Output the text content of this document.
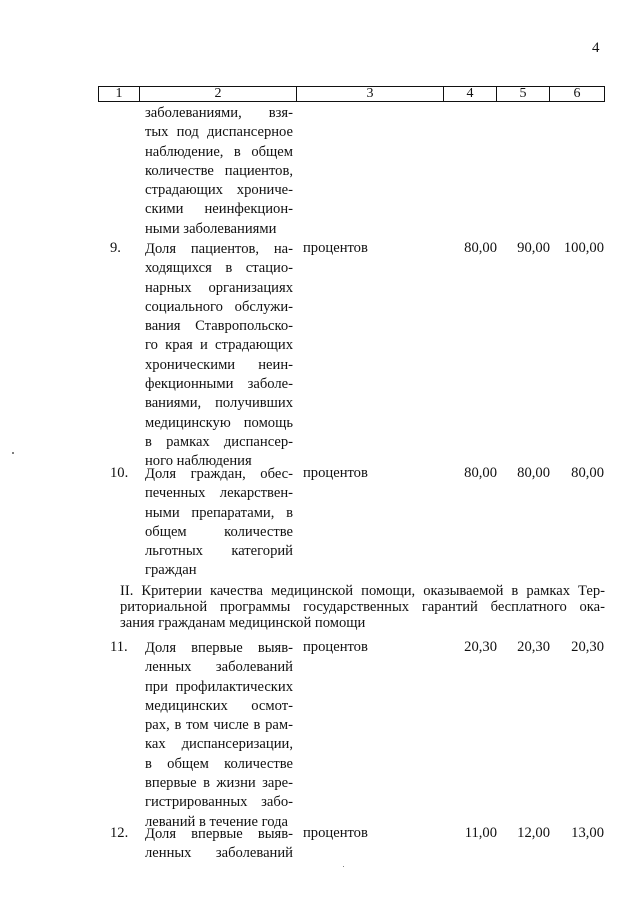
4
1	2	3	4	5	6
заболеваниями, взя-
тых под диспансерное
наблюдение, в общем
количестве пациентов,
страдающих хрониче-
скими неинфекцион-
ными заболеваниями
9. Доля пациентов, на-
ходящихся в стацио-
нарных организациях
социального обслужи-
вания Ставропольско-
го края и страдающих
хроническими неин-
фекционными заболе-
ваниями, получивших
медицинскую помощь
в рамках диспансер-
ного наблюдения
процентов	80,00	90,00 100,00
10. Доля граждан, обес-
печенных лекарствен-
ными препаратами, в
общем количестве
льготных категорий
граждан
процентов	80,00	80,00	80,00
II. Критерии качества медицинской помощи, оказываемой в рамках Тер-
риториальной программы государственных гарантий бесплатного ока-
зания гражданам медицинской помощи
11. Доля впервые выяв-
ленных заболеваний
при профилактических
медицинских осмот-
рах, в том числе в рам-
ках диспансеризации,
в общем количестве
впервые в жизни заре-
гистрированных забо-
леваний в течение года
процентов	20,30	20,30	20,30
12. Доля впервые выяв-
ленных заболеваний
процентов	11,00	12,00	13,00
